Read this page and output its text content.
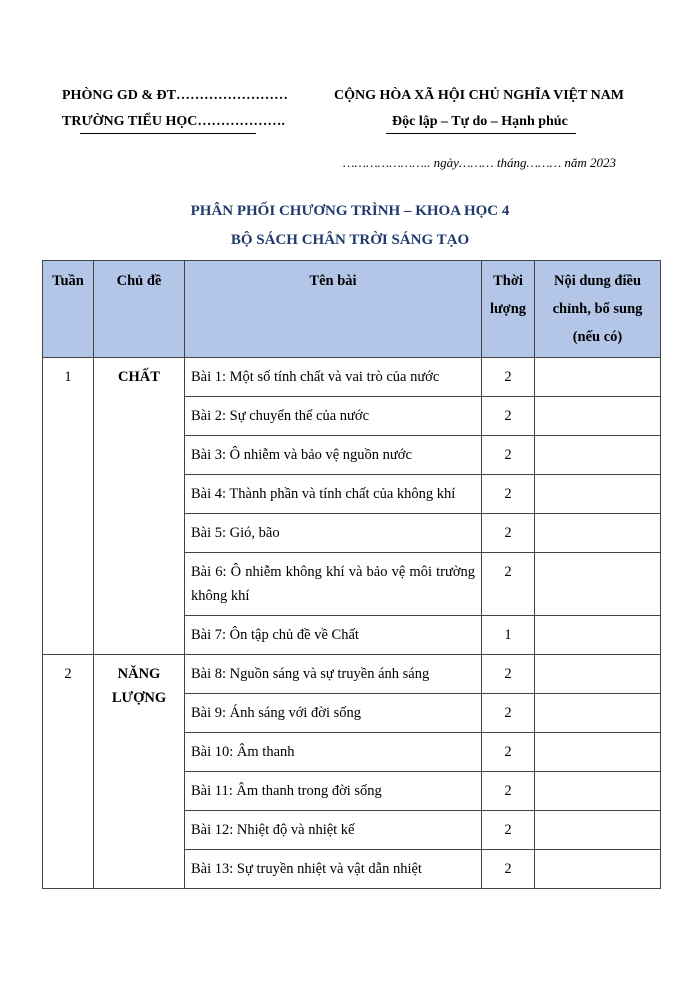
PHÒNG GD & ĐT……………………	CỘNG HÒA XÃ HỘI CHỦ NGHĨA VIỆT NAM
TRƯỜNG TIỂU HỌC……………….	Độc lập – Tự do – Hạnh phúc
………………….. ngày……… tháng……… năm 2023
PHÂN PHỐI CHƯƠNG TRÌNH – KHOA HỌC 4
BỘ SÁCH CHÂN TRỜI SÁNG TẠO
Tuần	Chủ đề	Tên bài	Thời lượng	Nội dung điều chỉnh, bổ sung (nếu có)
1	CHẤT	Bài 1: Một số tính chất và vai trò của nước	2	
		Bài 2: Sự chuyển thể của nước	2	
		Bài 3: Ô nhiễm và bảo vệ nguồn nước	2	
		Bài 4: Thành phần và tính chất của không khí	2	
		Bài 5: Gió, bão	2	
		Bài 6: Ô nhiễm không khí và bảo vệ môi trường không khí	2	
		Bài 7: Ôn tập chủ đề về Chất	1	
2	NĂNG LƯỢNG	Bài 8: Nguồn sáng và sự truyền ánh sáng	2	
		Bài 9: Ánh sáng với đời sống	2	
		Bài 10: Âm thanh	2	
		Bài 11: Âm thanh trong đời sống	2	
		Bài 12: Nhiệt độ và nhiệt kế	2	
		Bài 13: Sự truyền nhiệt và vật dẫn nhiệt	2	
